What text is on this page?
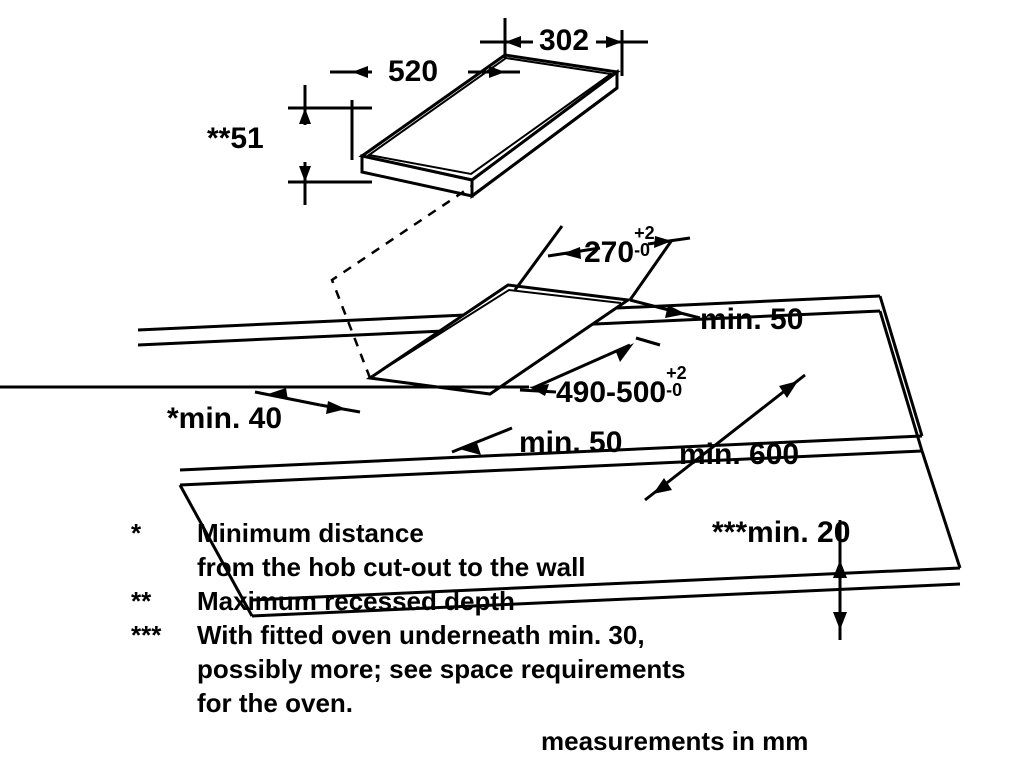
302
520
**51
270
+2
-0
490-500
+2
-0
min. 50
min. 50
*min. 40
min. 600
***min. 20
*	Minimum distance
from the hob cut-out to the wall
**	Maximum recessed depth
***	With fitted oven underneath min. 30,
possibly more; see space requirements
for the oven.
measurements in mm
